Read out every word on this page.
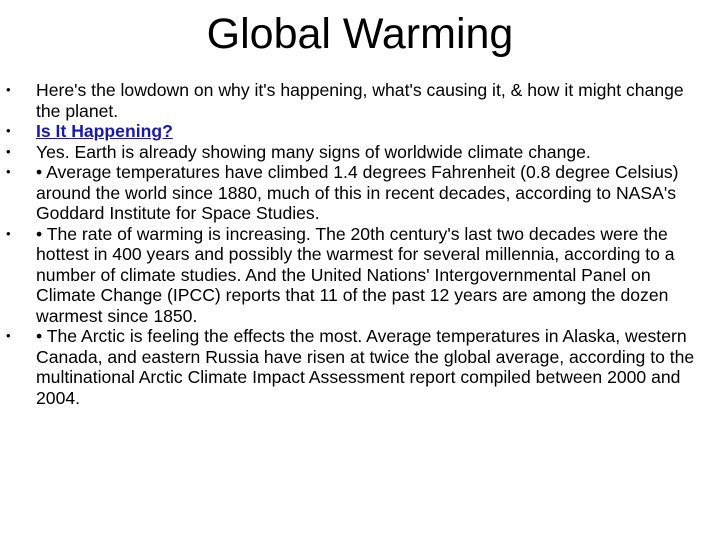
Global Warming
•	Here's the lowdown on why it's happening, what's causing it, & how it might change the planet.
•	Is It Happening?
•	Yes. Earth is already showing many signs of worldwide climate change.
•	• Average temperatures have climbed 1.4 degrees Fahrenheit (0.8 degree Celsius) around the world since 1880, much of this in recent decades, according to NASA's Goddard Institute for Space Studies.
•	• The rate of warming is increasing. The 20th century's last two decades were the hottest in 400 years and possibly the warmest for several millennia, according to a number of climate studies. And the United Nations' Intergovernmental Panel on Climate Change (IPCC) reports that 11 of the past 12 years are among the dozen warmest since 1850.
•	• The Arctic is feeling the effects the most. Average temperatures in Alaska, western Canada, and eastern Russia have risen at twice the global average, according to the multinational Arctic Climate Impact Assessment report compiled between 2000 and 2004.
